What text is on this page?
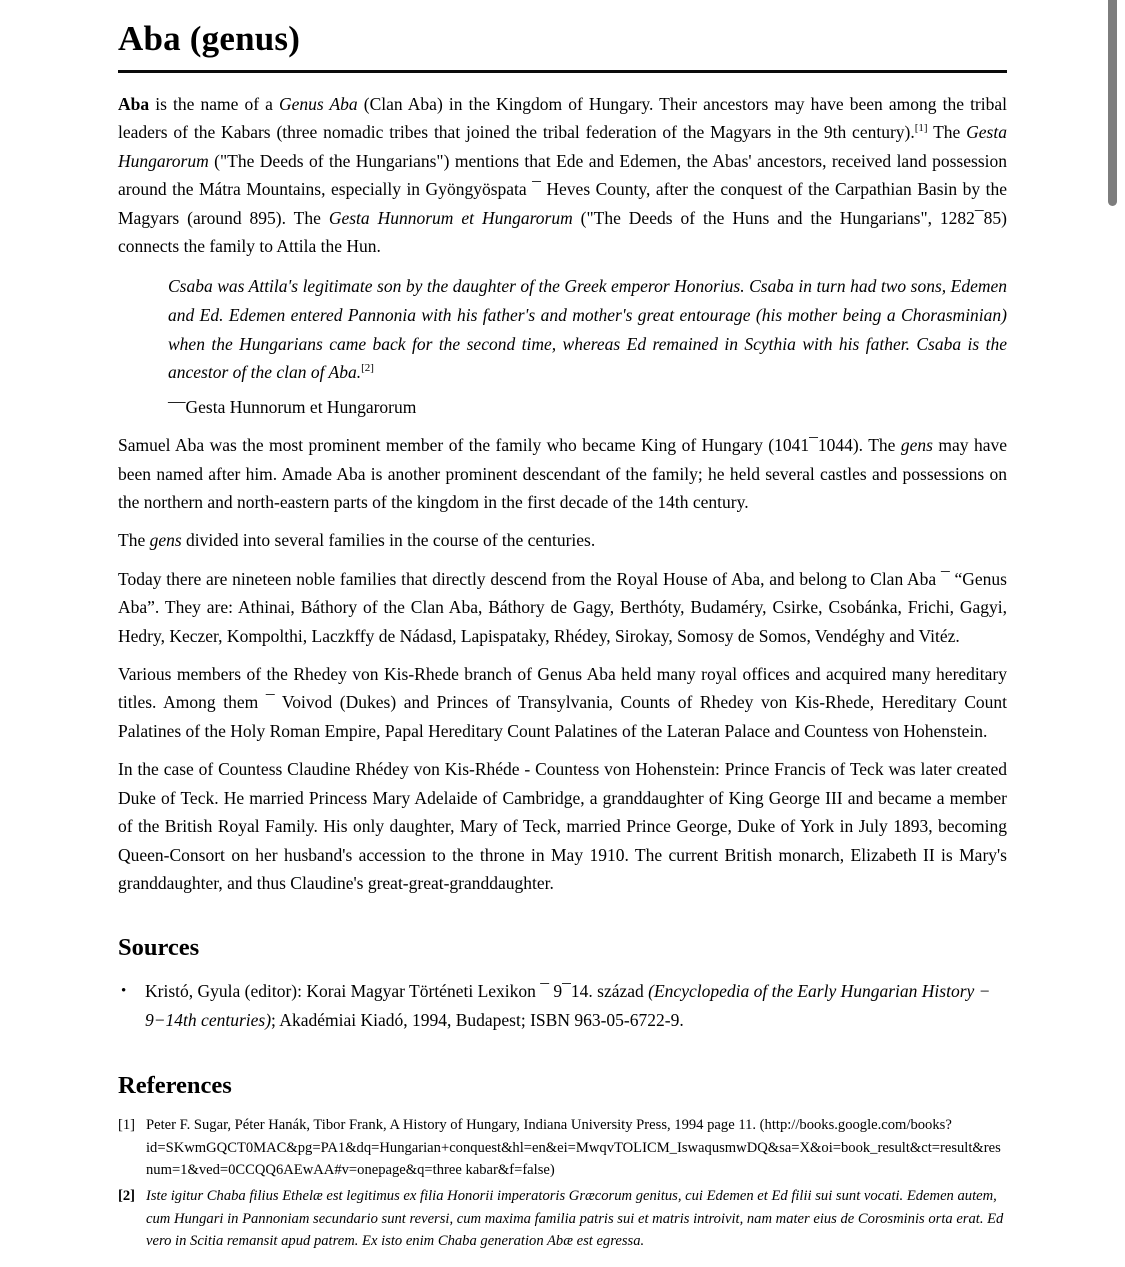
Aba (genus)

Aba is the name of a Genus Aba (Clan Aba) in the Kingdom of Hungary. Their ancestors may have been among the tribal leaders of the Kabars (three nomadic tribes that joined the tribal federation of the Magyars in the 9th century).[1] The Gesta Hungarorum ("The Deeds of the Hungarians") mentions that Ede and Edemen, the Abas' ancestors, received land possession around the Mátra Mountains, especially in Gyöngyöspata ¯ Heves County, after the conquest of the Carpathian Basin by the Magyars (around 895). The Gesta Hunnorum et Hungarorum ("The Deeds of the Huns and the Hungarians", 1282¯85) connects the family to Attila the Hun.

Csaba was Attila's legitimate son by the daughter of the Greek emperor Honorius. Csaba in turn had two sons, Edemen and Ed. Edemen entered Pannonia with his father's and mother's great entourage (his mother being a Chorasminian) when the Hungarians came back for the second time, whereas Ed remained in Scythia with his father. Csaba is the ancestor of the clan of Aba.[2]
—Gesta Hunnorum et Hungarorum

Samuel Aba was the most prominent member of the family who became King of Hungary (1041¯1044). The gens may have been named after him. Amade Aba is another prominent descendant of the family; he held several castles and possessions on the northern and north-eastern parts of the kingdom in the first decade of the 14th century.

The gens divided into several families in the course of the centuries.

Today there are nineteen noble families that directly descend from the Royal House of Aba, and belong to Clan Aba ¯ “Genus Aba”. They are: Athinai, Báthory of the Clan Aba, Báthory de Gagy, Berthóty, Budaméry, Csirke, Csobánka, Frichi, Gagyi, Hedry, Keczer, Kompolthi, Laczkffy de Nádasd, Lapispataky, Rhédey, Sirokay, Somosy de Somos, Vendéghy and Vitéz.

Various members of the Rhedey von Kis-Rhede branch of Genus Aba held many royal offices and acquired many hereditary titles. Among them ¯ Voivod (Dukes) and Princes of Transylvania, Counts of Rhedey von Kis-Rhede, Hereditary Count Palatines of the Holy Roman Empire, Papal Hereditary Count Palatines of the Lateran Palace and Countess von Hohenstein.

In the case of Countess Claudine Rhédey von Kis-Rhéde - Countess von Hohenstein: Prince Francis of Teck was later created Duke of Teck. He married Princess Mary Adelaide of Cambridge, a granddaughter of King George III and became a member of the British Royal Family. His only daughter, Mary of Teck, married Prince George, Duke of York in July 1893, becoming Queen-Consort on her husband's accession to the throne in May 1910. The current British monarch, Elizabeth II is Mary's granddaughter, and thus Claudine's great-great-granddaughter.

Sources
• Kristó, Gyula (editor): Korai Magyar Történeti Lexikon ¯ 9¯14. század (Encyclopedia of the Early Hungarian History − 9−14th centuries); Akadémiai Kiadó, 1994, Budapest; ISBN 963-05-6722-9.
References
[1] Peter F. Sugar, Péter Hanák, Tibor Frank, A History of Hungary, Indiana University Press, 1994 page 11. (http://books.google.com/books?id=SKwmGQCT0MAC&pg=PA1&dq=Hungarian+conquest&hl=en&ei=MwqvTOLICM_IswaqusmwDQ&sa=X&oi=book_result&ct=result&resnum=1&ved=0CCQQ6AEwAA#v=onepage&q=three kabar&f=false)
[2] Iste igitur Chaba filius Ethelæ est legitimus ex filia Honorii imperatoris Græcorum genitus, cui Edemen et Ed filii sui sunt vocati. Edemen autem, cum Hungari in Pannoniam secundario sunt reversi, cum maxima familia patris sui et matris introivit, nam mater eius de Corosminis orta erat. Ed vero in Scitia remansit apud patrem. Ex isto enim Chaba generation Abæ est egressa.
